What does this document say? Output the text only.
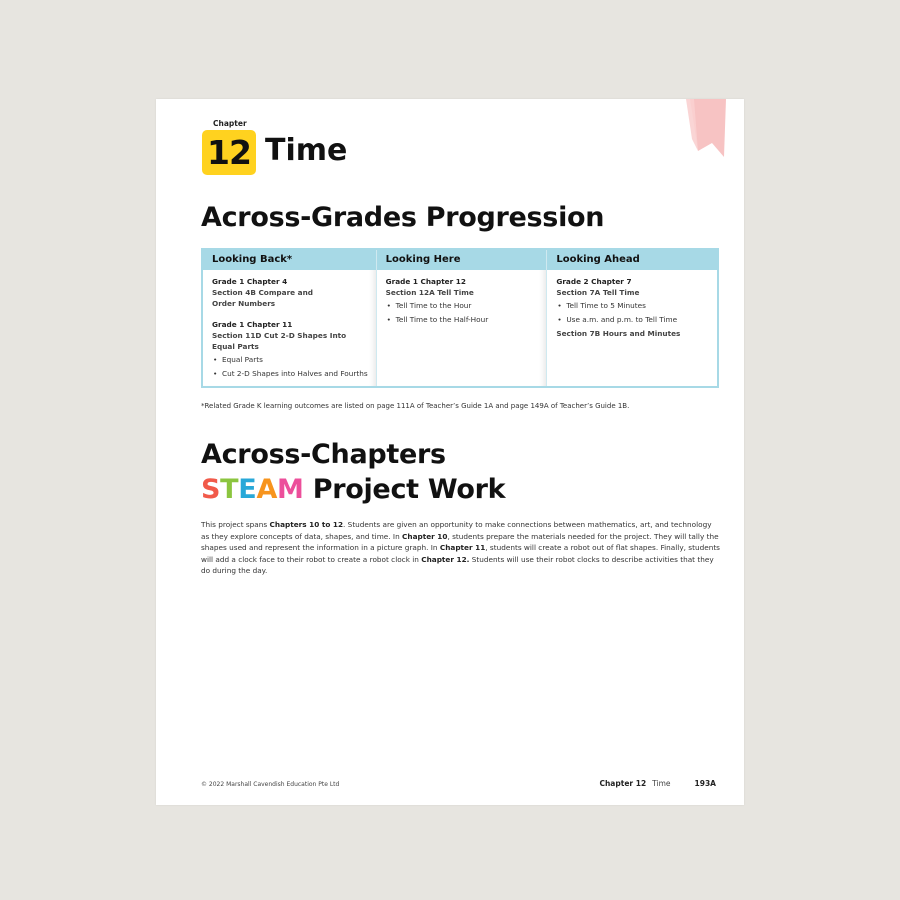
Chapter
12 Time
Across-Grades Progression
Looking Back*
Grade 1 Chapter 4
Section 4B Compare and
Order Numbers
Grade 1 Chapter 11
Section 11D Cut 2-D Shapes Into
Equal Parts
• Equal Parts
• Cut 2-D Shapes into Halves and Fourths
Looking Here
Grade 1 Chapter 12
Section 12A Tell Time
• Tell Time to the Hour
• Tell Time to the Half-Hour
Looking Ahead
Grade 2 Chapter 7
Section 7A Tell Time
• Tell Time to 5 Minutes
• Use a.m. and p.m. to Tell Time
Section 7B Hours and Minutes
*Related Grade K learning outcomes are listed on page 111A of Teacher’s Guide 1A and page 149A of Teacher’s Guide 1B.
Across-Chapters
STEAM Project Work
This project spans Chapters 10 to 12. Students are given an opportunity to make connections between mathematics, art, and technology as they explore concepts of data, shapes, and time. In Chapter 10, students prepare the materials needed for the project. They will tally the shapes used and represent the information in a picture graph. In Chapter 11, students will create a robot out of flat shapes. Finally, students will add a clock face to their robot to create a robot clock in Chapter 12. Students will use their robot clocks to describe activities that they do during the day.
© 2022 Marshall Cavendish Education Pte Ltd	Chapter 12 Time	193A
